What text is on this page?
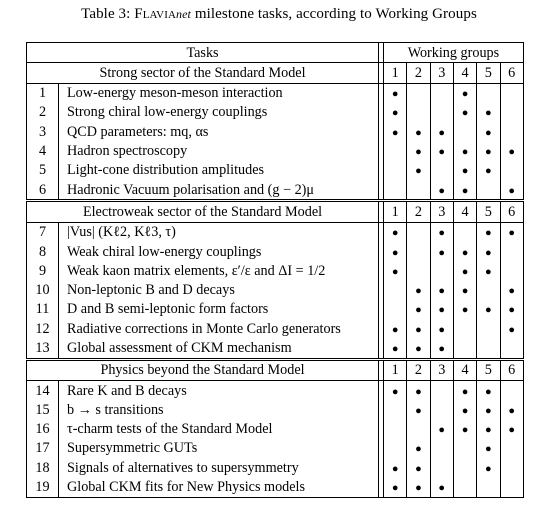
Table 3: Flavianet milestone tasks, according to Working Groups
Tasks			Working groups					
Strong sector of the Standard Model			1	2	3	4	5	6
1	Low-energy meson-meson interaction		●			●		
2	Strong chiral low-energy couplings		●			●	●	
3	QCD parameters: mq, αs		●	●	●		●	
4	Hadron spectroscopy			●	●	●	●	●
5	Light-cone distribution amplitudes			●		●	●	
6	Hadronic Vacuum polarisation and (g − 2)μ				●	●		●
Electroweak sector of the Standard Model			1	2	3	4	5	6
7	|Vus| (Kℓ2, Kℓ3, τ)		●		●		●	●
8	Weak chiral low-energy couplings		●		●	●	●	
9	Weak kaon matrix elements, ε′/ε and ΔI = 1/2		●			●	●	
10	Non-leptonic B and D decays			●	●	●		●
11	D and B semi-leptonic form factors			●	●	●	●	●
12	Radiative corrections in Monte Carlo generators		●	●	●			●
13	Global assessment of CKM mechanism		●	●	●			
Physics beyond the Standard Model			1	2	3	4	5	6
14	Rare K and B decays		●	●		●	●	
15	b → s transitions			●		●	●	●
16	τ-charm tests of the Standard Model				●	●	●	●
17	Supersymmetric GUTs			●			●	
18	Signals of alternatives to supersymmetry		●	●			●	
19	Global CKM fits for New Physics models		●	●	●			
